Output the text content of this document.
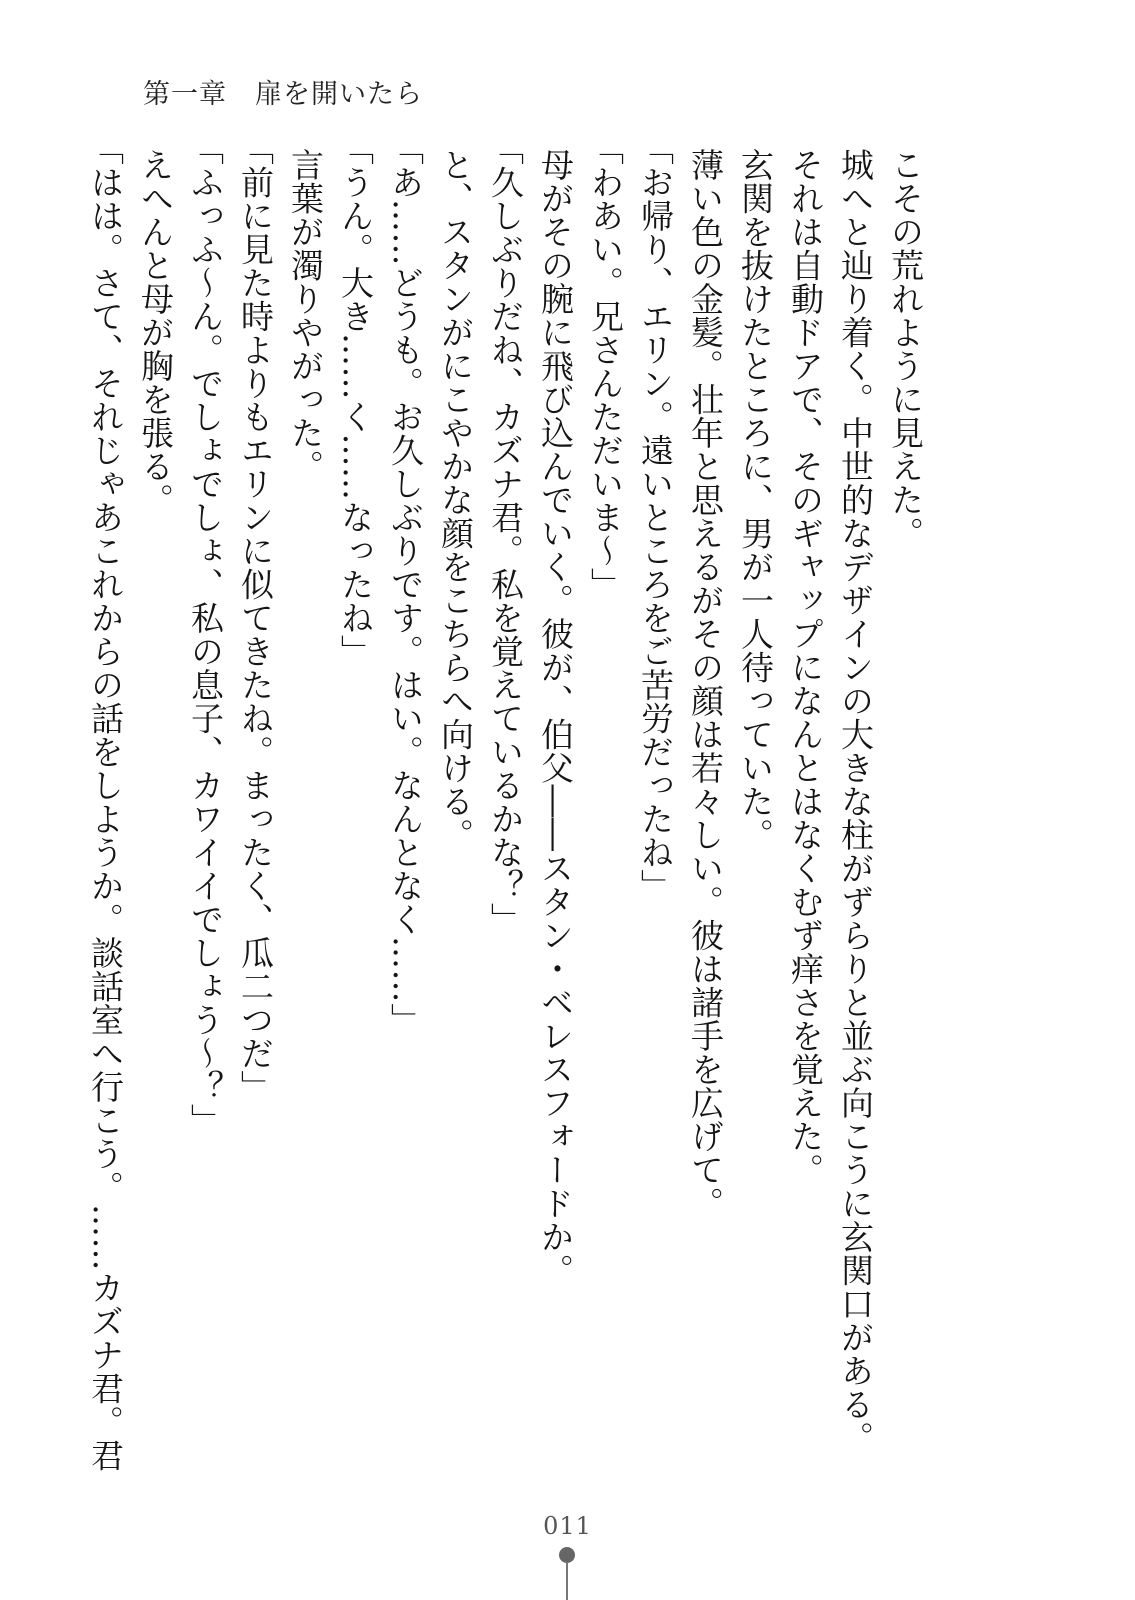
第一章　扉を開いたら
こその荒れように見えた。
城へと辿り着く。中世的なデザインの大きな柱がずらりと並ぶ向こうに玄関口がある。
それは自動ドアで、そのギャップになんとはなくむず痒さを覚えた。
玄関を抜けたところに、男が一人待っていた。
薄い色の金髪。壮年と思えるがその顔は若々しい。彼は諸手を広げて。
「お帰り、エリン。遠いところをご苦労だったね」
「わあい。兄さんただいま～」
母がその腕に飛び込んでいく。彼が、伯父――スタン・ベレスフォードか。
「久しぶりだね、カズナ君。私を覚えているかな？」
と、スタンがにこやかな顔をこちらへ向ける。
「あ……どうも。お久しぶりです。はい。なんとなく……」
「うん。大き……く……なったね」
言葉が濁りやがった。
「前に見た時よりもエリンに似てきたね。まったく、瓜二つだ」
「ふっふ～ん。でしょでしょ、私の息子、カワイイでしょう～？」
えへんと母が胸を張る。
「はは。さて、それじゃあこれからの話をしようか。談話室へ行こう。……カズナ君。君
011
